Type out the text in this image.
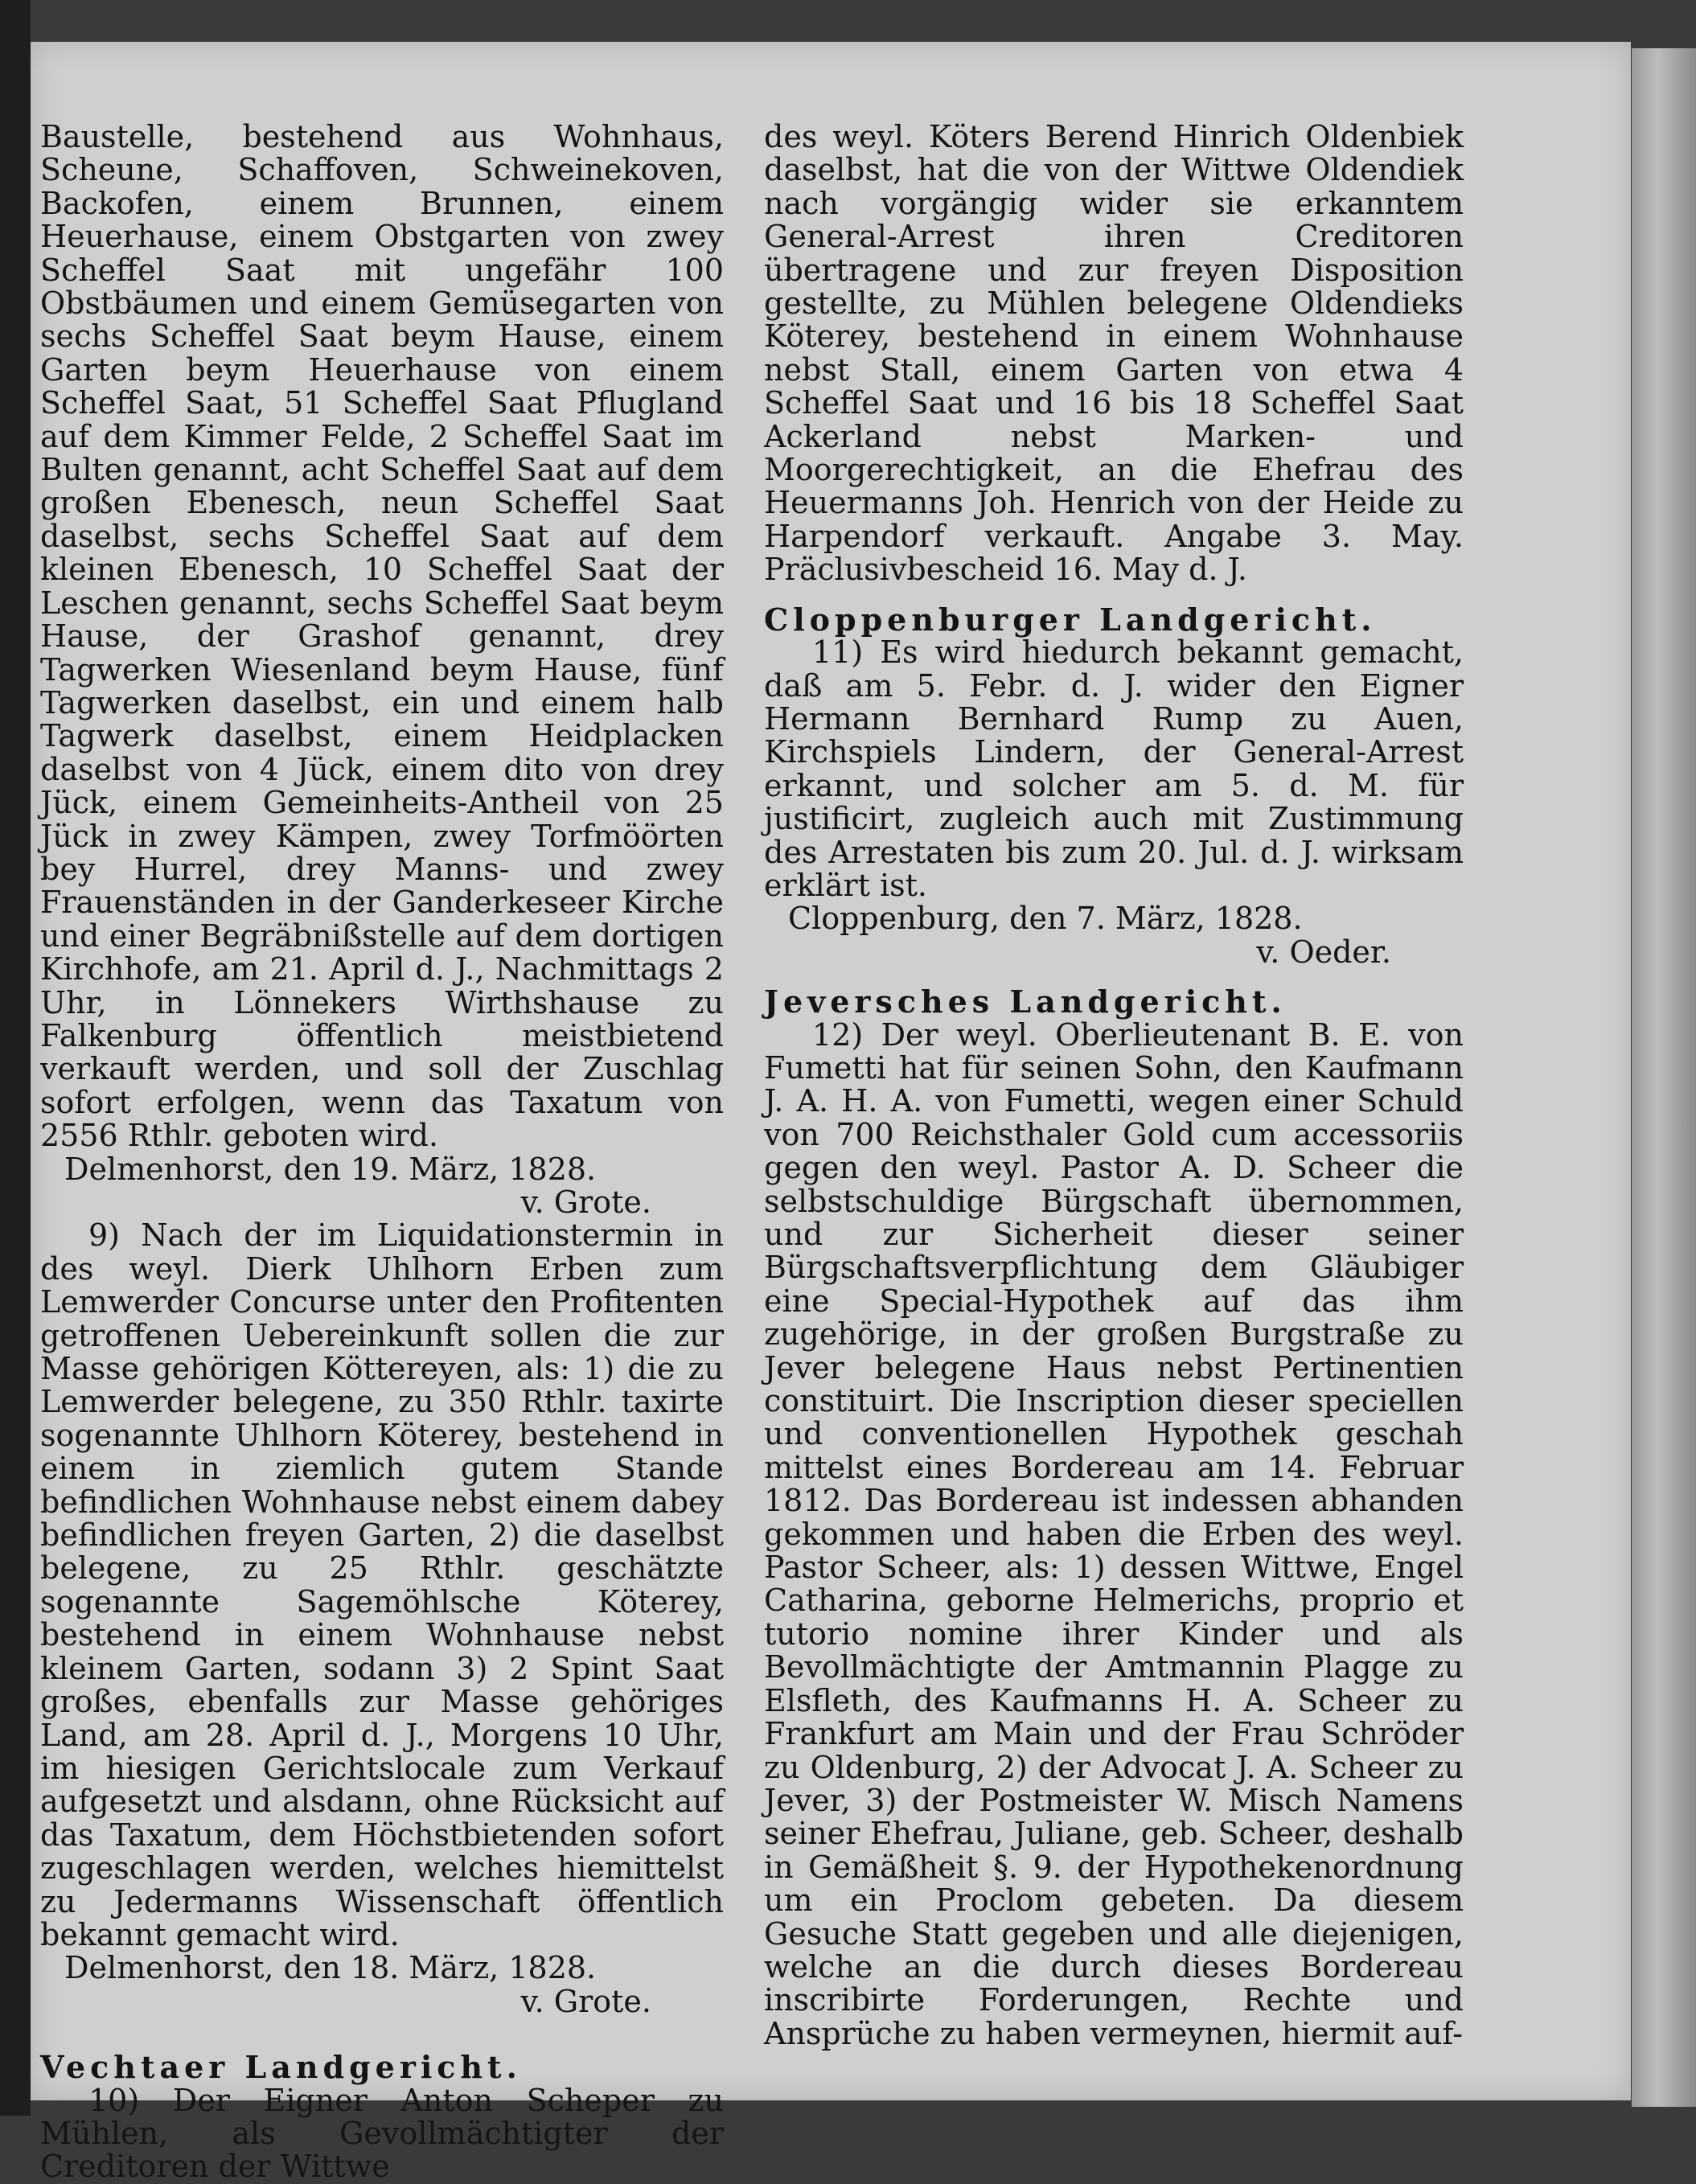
Baustelle, bestehend aus Wohnhaus, Scheune, Schaffoven, Schweinekoven, Backofen, einem Brunnen, einem Heuerhause, einem Obstgarten von zwey Scheffel Saat mit ungefähr 100 Obstbäumen und einem Gemüsegarten von sechs Scheffel Saat beym Hause, einem Garten beym Heuerhause von einem Scheffel Saat, 51 Scheffel Saat Pflugland auf dem Kimmer Felde, 2 Scheffel Saat im Bulten genannt, acht Scheffel Saat auf dem großen Ebenesch, neun Scheffel Saat daselbst, sechs Scheffel Saat auf dem kleinen Ebenesch, 10 Scheffel Saat der Leschen genannt, sechs Scheffel Saat beym Hause, der Grashof genannt, drey Tagwerken Wiesenland beym Hause, fünf Tagwerken daselbst, ein und einem halb Tagwerk daselbst, einem Heidplacken daselbst von 4 Jück, einem dito von drey Jück, einem Gemeinheits-Antheil von 25 Jück in zwey Kämpen, zwey Torfmöörten bey Hurrel, drey Manns- und zwey Frauenständen in der Ganderkeseer Kirche und einer Begräbnißstelle auf dem dortigen Kirchhofe, am 21. April d. J., Nachmittags 2 Uhr, in Lönnekers Wirthshause zu Falkenburg öffentlich meistbietend verkauft werden, und soll der Zuschlag sofort erfolgen, wenn das Taxatum von 2556 Rthlr. geboten wird.

Delmenhorst, den 19. März, 1828.

v. Grote.

9) Nach der im Liquidationstermin in des weyl. Dierk Uhlhorn Erben zum Lemwerder Concurse unter den Profitenten getroffenen Uebereinkunft sollen die zur Masse gehörigen Köttereyen, als: 1) die zu Lemwerder belegene, zu 350 Rthlr. taxirte sogenannte Uhlhorn Köterey, bestehend in einem in ziemlich gutem Stande befindlichen Wohnhause nebst einem dabey befindlichen freyen Garten, 2) die daselbst belegene, zu 25 Rthlr. geschätzte sogenannte Sagemöhlsche Köterey, bestehend in einem Wohnhause nebst kleinem Garten, sodann 3) 2 Spint Saat großes, ebenfalls zur Masse gehöriges Land, am 28. April d. J., Morgens 10 Uhr, im hiesigen Gerichtslocale zum Verkauf aufgesetzt und alsdann, ohne Rücksicht auf das Taxatum, dem Höchstbietenden sofort zugeschlagen werden, welches hiemittelst zu Jedermanns Wissenschaft öffentlich bekannt gemacht wird.

Delmenhorst, den 18. März, 1828.

v. Grote.

Vechtaer Landgericht.

10) Der Eigner Anton Scheper zu Mühlen, als Gevollmächtigter der Creditoren der Wittwe

des weyl. Köters Berend Hinrich Oldenbiek daselbst, hat die von der Wittwe Oldendiek nach vorgängig wider sie erkanntem General-Arrest ihren Creditoren übertragene und zur freyen Disposition gestellte, zu Mühlen belegene Oldendieks Köterey, bestehend in einem Wohnhause nebst Stall, einem Garten von etwa 4 Scheffel Saat und 16 bis 18 Scheffel Saat Ackerland nebst Marken- und Moorgerechtigkeit, an die Ehefrau des Heuermanns Joh. Henrich von der Heide zu Harpendorf verkauft. Angabe 3. May. Präclusivbescheid 16. May d. J.

Cloppenburger Landgericht.

11) Es wird hiedurch bekannt gemacht, daß am 5. Febr. d. J. wider den Eigner Hermann Bernhard Rump zu Auen, Kirchspiels Lindern, der General-Arrest erkannt, und solcher am 5. d. M. für justificirt, zugleich auch mit Zustimmung des Arrestaten bis zum 20. Jul. d. J. wirksam erklärt ist.

Cloppenburg, den 7. März, 1828.

v. Oeder.

Jeversches Landgericht.

12) Der weyl. Oberlieutenant B. E. von Fumetti hat für seinen Sohn, den Kaufmann J. A. H. A. von Fumetti, wegen einer Schuld von 700 Reichsthaler Gold cum accessoriis gegen den weyl. Pastor A. D. Scheer die selbstschuldige Bürgschaft übernommen, und zur Sicherheit dieser seiner Bürgschaftsverpflichtung dem Gläubiger eine Special-Hypothek auf das ihm zugehörige, in der großen Burgstraße zu Jever belegene Haus nebst Pertinentien constituirt. Die Inscription dieser speciellen und conventionellen Hypothek geschah mittelst eines Bordereau am 14. Februar 1812. Das Bordereau ist indessen abhanden gekommen und haben die Erben des weyl. Pastor Scheer, als: 1) dessen Wittwe, Engel Catharina, geborne Helmerichs, proprio et tutorio nomine ihrer Kinder und als Bevollmächtigte der Amtmannin Plagge zu Elsfleth, des Kaufmanns H. A. Scheer zu Frankfurt am Main und der Frau Schröder zu Oldenburg, 2) der Advocat J. A. Scheer zu Jever, 3) der Postmeister W. Misch Namens seiner Ehefrau, Juliane, geb. Scheer, deshalb in Gemäßheit §. 9. der Hypothekenordnung um ein Proclom gebeten. Da diesem Gesuche Statt gegeben und alle diejenigen, welche an die durch dieses Bordereau inscribirte Forderungen, Rechte und Ansprüche zu haben vermeynen, hiermit auf-
